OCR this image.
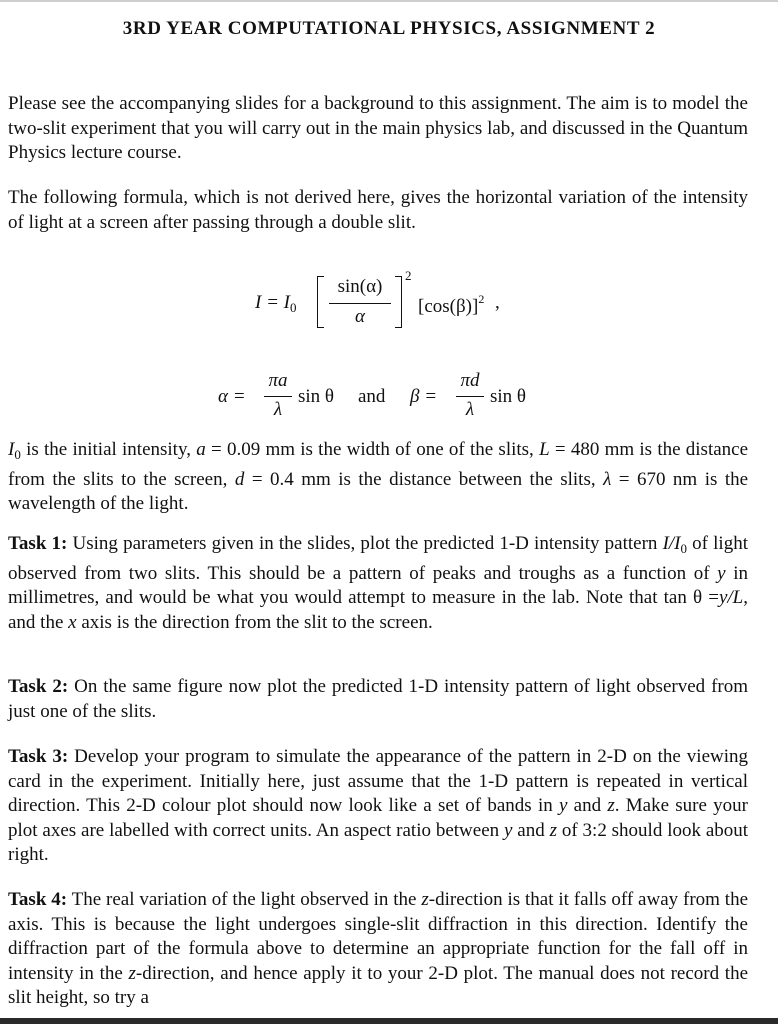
3RD YEAR COMPUTATIONAL PHYSICS, ASSIGNMENT 2

Please see the accompanying slides for a background to this assignment. The aim is to model the two-slit experiment that you will carry out in the main physics lab, and discussed in the Quantum Physics lecture course.

The following formula, which is not derived here, gives the horizontal variation of the intensity of light at a screen after passing through a double slit.

$I = I_0$
sin(α)
α
2
$[\cos(\beta)]^2$ ,
α =
πa
λ
sin θ and β =
πd
λ
sin θ

$I_0$ is the initial intensity, a = 0.09 mm is the width of one of the slits, L = 480 mm is the distance from the slits to the screen, d = 0.4 mm is the distance between the slits, λ = 670 nm is the wavelength of the light.

Task 1: Using parameters given in the slides, plot the predicted 1-D intensity pattern $I/I_0$ of light observed from two slits. This should be a pattern of peaks and troughs as a function of y in millimetres, and would be what you would attempt to measure in the lab. Note that tan θ =y/L, and the x axis is the direction from the slit to the screen.

Task 2: On the same figure now plot the predicted 1-D intensity pattern of light observed from just one of the slits.

Task 3: Develop your program to simulate the appearance of the pattern in 2-D on the viewing card in the experiment. Initially here, just assume that the 1-D pattern is repeated in vertical direction. This 2-D colour plot should now look like a set of bands in y and z. Make sure your plot axes are labelled with correct units. An aspect ratio between y and z of 3:2 should look about right.

Task 4: The real variation of the light observed in the z-direction is that it falls off away from the axis. This is because the light undergoes single-slit diffraction in this direction. Identify the diffraction part of the formula above to determine an appropriate function for the fall off in intensity in the z-direction, and hence apply it to your 2-D plot. The manual does not record the slit height, so try a
